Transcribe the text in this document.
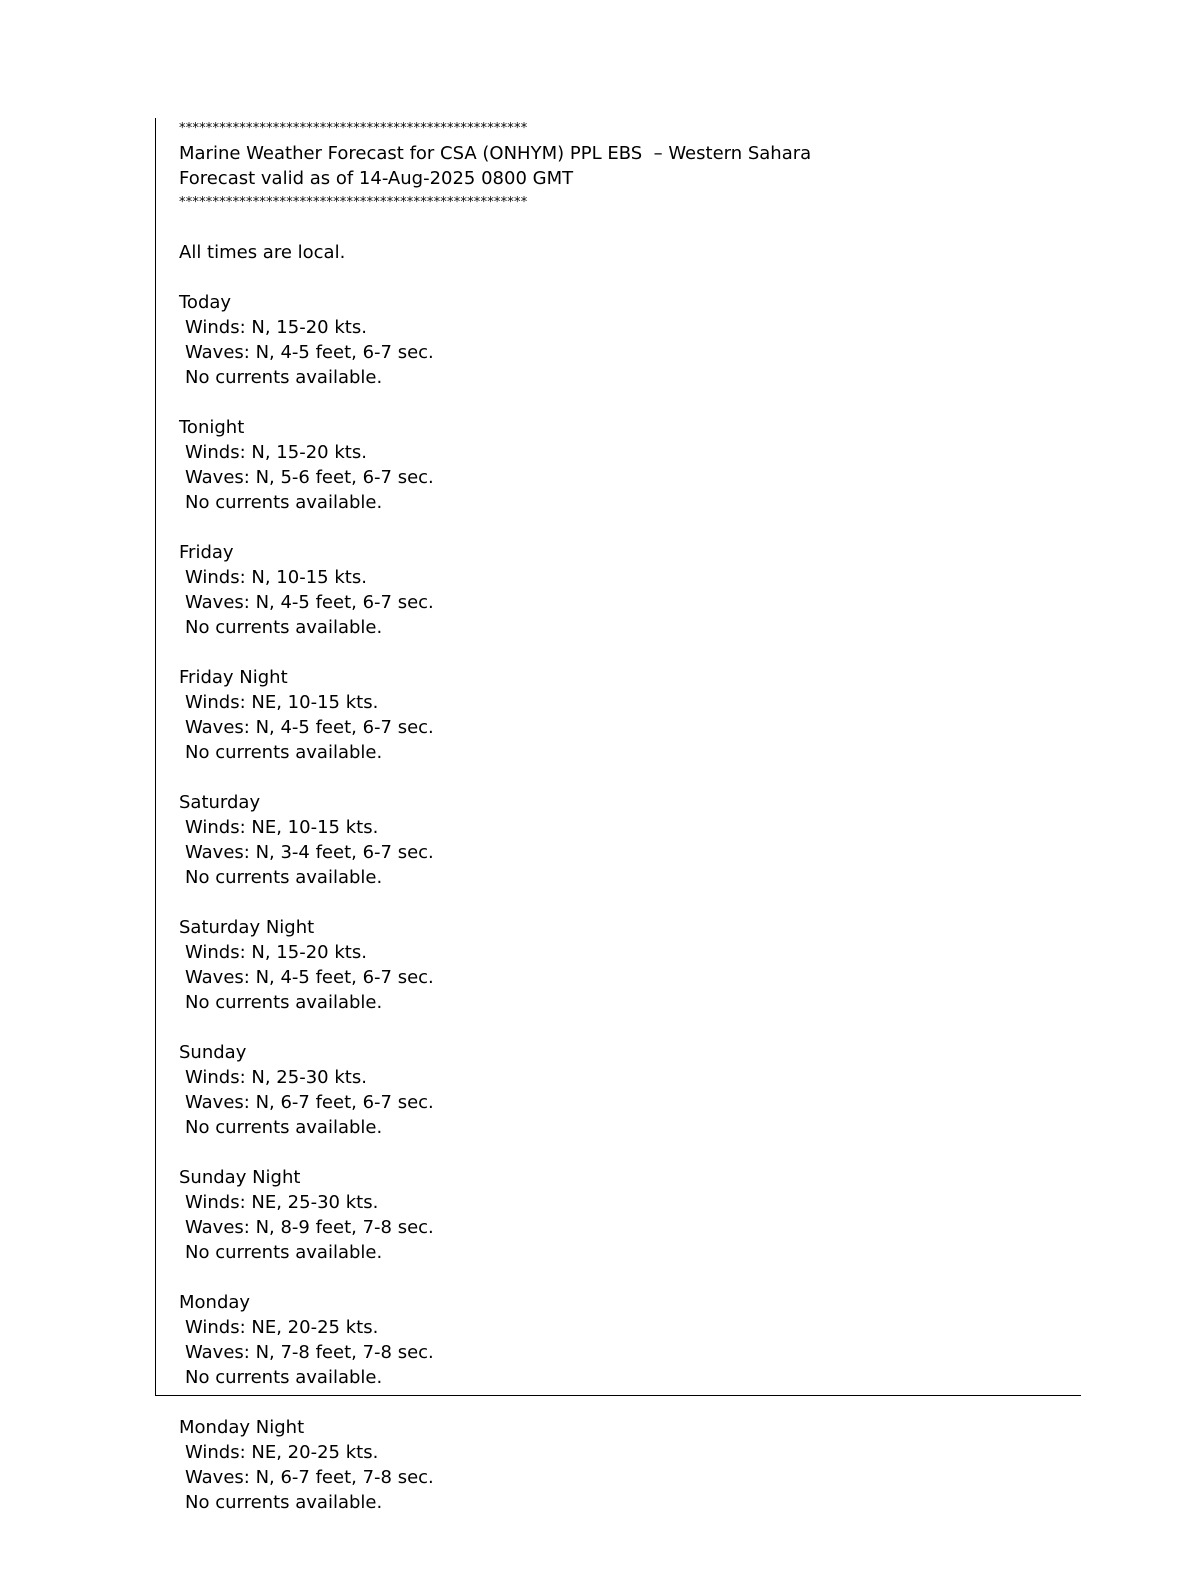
****************************************************
Marine Weather Forecast for CSA (ONHYM) PPL EBS  – Western Sahara
Forecast valid as of 14-Aug-2025 0800 GMT
****************************************************
All times are local.
Today
Winds: N, 15-20 kts.
Waves: N, 4-5 feet, 6-7 sec.
No currents available.
Tonight
Winds: N, 15-20 kts.
Waves: N, 5-6 feet, 6-7 sec.
No currents available.
Friday
Winds: N, 10-15 kts.
Waves: N, 4-5 feet, 6-7 sec.
No currents available.
Friday Night
Winds: NE, 10-15 kts.
Waves: N, 4-5 feet, 6-7 sec.
No currents available.
Saturday
Winds: NE, 10-15 kts.
Waves: N, 3-4 feet, 6-7 sec.
No currents available.
Saturday Night
Winds: N, 15-20 kts.
Waves: N, 4-5 feet, 6-7 sec.
No currents available.
Sunday
Winds: N, 25-30 kts.
Waves: N, 6-7 feet, 6-7 sec.
No currents available.
Sunday Night
Winds: NE, 25-30 kts.
Waves: N, 8-9 feet, 7-8 sec.
No currents available.
Monday
Winds: NE, 20-25 kts.
Waves: N, 7-8 feet, 7-8 sec.
No currents available.
Monday Night
Winds: NE, 20-25 kts.
Waves: N, 6-7 feet, 7-8 sec.
No currents available.
